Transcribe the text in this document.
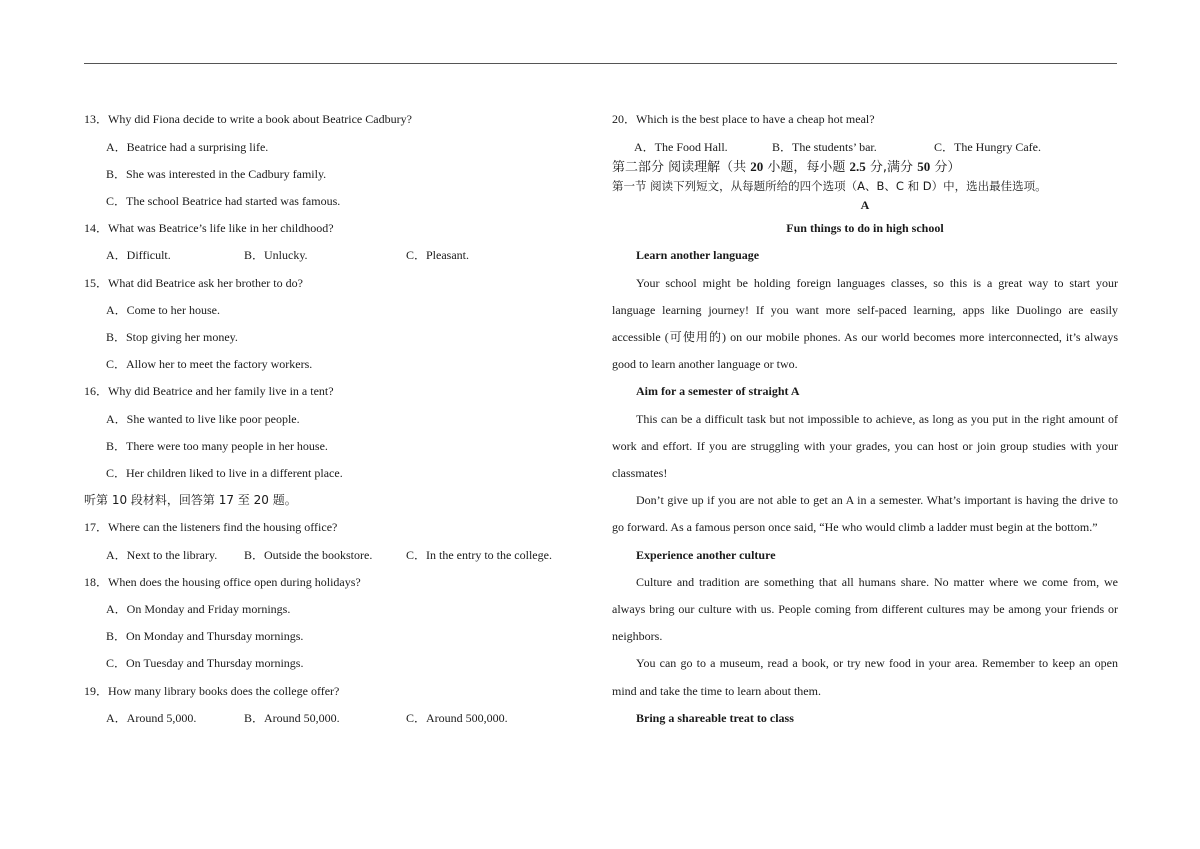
13．Why did Fiona decide to write a book about Beatrice Cadbury?
A．Beatrice had a surprising life.
B．She was interested in the Cadbury family.
C．The school Beatrice had started was famous.
14．What was Beatrice’s life like in her childhood?
A．Difficult.	B．Unlucky.	C．Pleasant.
15．What did Beatrice ask her brother to do?
A．Come to her house.
B．Stop giving her money.
C．Allow her to meet the factory workers.
16．Why did Beatrice and her family live in a tent?
A．She wanted to live like poor people.
B．There were too many people in her house.
C．Her children liked to live in a different place.
听第 10 段材料，回答第 17 至 20 题。
17．Where can the listeners find the housing office?
A．Next to the library. B．Outside the bookstore.	C．In the entry to the college.
18．When does the housing office open during holidays?
A．On Monday and Friday mornings.
B．On Monday and Thursday mornings.
C．On Tuesday and Thursday mornings.
19．How many library books does the college offer?
A．Around 5,000.	B．Around 50,000.	C．Around 500,000.
20．Which is the best place to have a cheap hot meal?
A．The Food Hall.	B．The students’ bar.	C．The Hungry Cafe.
第二部分 阅读理解（共 20 小题，每小题 2.5 分,满分 50 分）
第一节 阅读下列短文，从每题所给的四个选项（A、B、C 和 D）中，选出最佳选项。
A
Fun things to do in high school
Learn another language
Your school might be holding foreign languages classes, so this is a great way to start your
language learning journey! If you want more self-paced learning, apps like Duolingo are easily
accessible (可使用的) on our mobile phones. As our world becomes more interconnected, it’s always
good to learn another language or two.
Aim for a semester of straight A
This can be a difficult task but not impossible to achieve, as long as you put in the right amount of
work and effort. If you are struggling with your grades, you can host or join group studies with your
classmates!
Don’t give up if you are not able to get an A in a semester. What’s important is having the drive to
go forward. As a famous person once said, “He who would climb a ladder must begin at the bottom.”
Experience another culture
Culture and tradition are something that all humans share. No matter where we come from, we
always bring our culture with us. People coming from different cultures may be among your friends or
neighbors.
You can go to a museum, read a book, or try new food in your area. Remember to keep an open
mind and take the time to learn about them.
Bring a shareable treat to class
